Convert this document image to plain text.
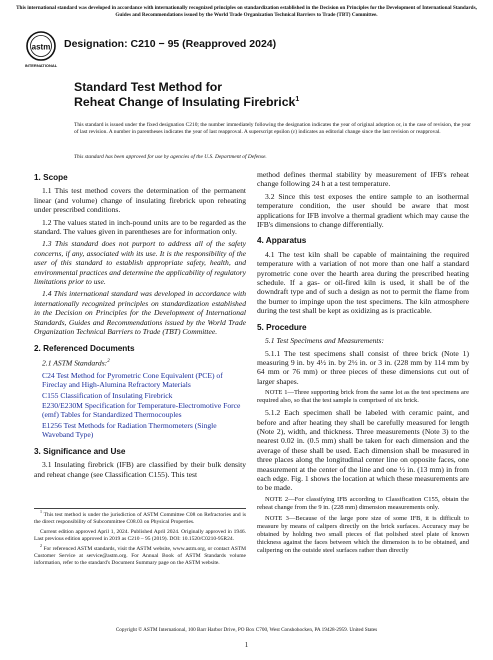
This international standard was developed in accordance with internationally recognized principles on standardization established in the Decision on Principles for the Development of International Standards, Guides and Recommendations issued by the World Trade Organization Technical Barriers to Trade (TBT) Committee.
astm
INTERNATIONAL
Designation: C210 − 95 (Reapproved 2024)
Standard Test Method for
Reheat Change of Insulating Firebrick$^1$
This standard is issued under the fixed designation C210; the number immediately following the designation indicates the year of original adoption or, in the case of revision, the year of last revision. A number in parentheses indicates the year of last reapproval. A superscript epsilon (ε) indicates an editorial change since the last revision or reapproval.
This standard has been approved for use by agencies of the U.S. Department of Defense.
1. Scope

1.1 This test method covers the determination of the permanent linear (and volume) change of insulating firebrick upon reheating under prescribed conditions.

1.2 The values stated in inch-pound units are to be regarded as the standard. The values given in parentheses are for information only.

1.3 This standard does not purport to address all of the safety concerns, if any, associated with its use. It is the responsibility of the user of this standard to establish appropriate safety, health, and environmental practices and determine the applicability of regulatory limitations prior to use.

1.4 This international standard was developed in accordance with internationally recognized principles on standardization established in the Decision on Principles for the Development of International Standards, Guides and Recommendations issued by the World Trade Organization Technical Barriers to Trade (TBT) Committee.

2. Referenced Documents

2.1 ASTM Standards:$^2$

C24 Test Method for Pyrometric Cone Equivalent (PCE) of Fireclay and High-Alumina Refractory Materials

C155 Classification of Insulating Firebrick

E230/E230M Specification for Temperature-Electromotive Force (emf) Tables for Standardized Thermocouples

E1256 Test Methods for Radiation Thermometers (Single Waveband Type)

3. Significance and Use

3.1 Insulating firebrick (IFB) are classified by their bulk density and reheat change (see Classification C155). This test

$^1$ This test method is under the jurisdiction of ASTM Committee C08 on Refractories and is the direct responsibility of Subcommittee C08.03 on Physical Properties.

Current edition approved April 1, 2024. Published April 2024. Originally approved in 1946. Last previous edition approved in 2019 as C210 – 95 (2019). DOI: 10.1520/C0210-95R24.

$^2$ For referenced ASTM standards, visit the ASTM website, www.astm.org, or contact ASTM Customer Service at service@astm.org. For Annual Book of ASTM Standards volume information, refer to the standard's Document Summary page on the ASTM website.

method defines thermal stability by measurement of IFB's reheat change following 24 h at a test temperature.

3.2 Since this test exposes the entire sample to an isothermal temperature condition, the user should be aware that most applications for IFB involve a thermal gradient which may cause the IFB's dimensions to change differentially.

4. Apparatus

4.1 The test kiln shall be capable of maintaining the required temperature with a variation of not more than one half a standard pyrometric cone over the hearth area during the prescribed heating schedule. If a gas- or oil-fired kiln is used, it shall be of the downdraft type and of such a design as not to permit the flame from the burner to impinge upon the test specimens. The kiln atmosphere during the test shall be kept as oxidizing as is practicable.

5. Procedure

5.1 Test Specimens and Measurements:

5.1.1 The test specimens shall consist of three brick (Note 1) measuring 9 in. by 4½ in. by 2½ in. or 3 in. (228 mm by 114 mm by 64 mm or 76 mm) or three pieces of these dimensions cut out of larger shapes.

NOTE 1—Three supporting brick from the same lot as the test specimens are required also, so that the test sample is comprised of six brick.

5.1.2 Each specimen shall be labeled with ceramic paint, and before and after heating they shall be carefully measured for length (Note 2), width, and thickness. Three measurements (Note 3) to the nearest 0.02 in. (0.5 mm) shall be taken for each dimension and the average of these shall be used. Each dimension shall be measured in three places along the longitudinal center line on opposite faces, one measurement at the center of the line and one ½ in. (13 mm) in from each edge. Fig. 1 shows the location at which these measurements are to be made.

NOTE 2—For classifying IFB according to Classification C155, obtain the reheat change from the 9 in. (228 mm) dimension measurements only.

NOTE 3—Because of the large pore size of some IFB, it is difficult to measure by means of calipers directly on the brick surfaces. Accuracy may be obtained by holding two small pieces of flat polished steel plate of known thickness against the faces between which the dimension is to be obtained, and calipering on the outside steel surfaces rather than directly

Copyright © ASTM International, 100 Barr Harbor Drive, PO Box C700, West Conshohocken, PA 19428-2959. United States
1
